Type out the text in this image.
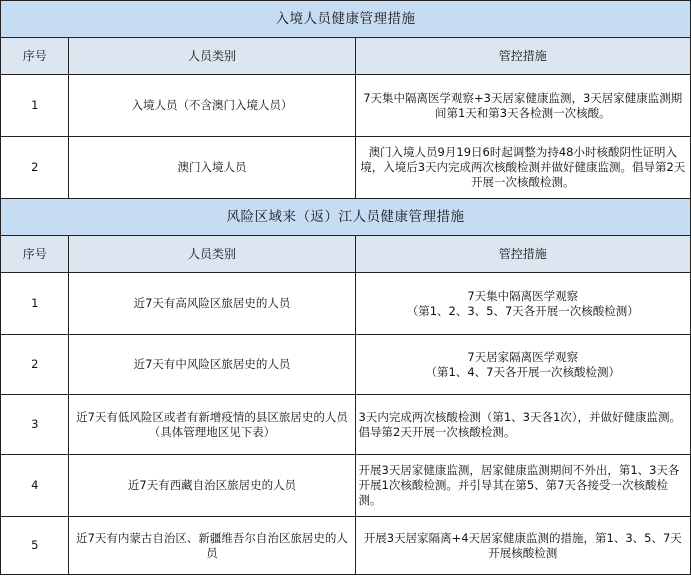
入境人员健康管理措施		
序号	人员类别	管控措施
1	入境人员（不含澳门入境人员）	7天集中隔离医学观察+3天居家健康监测，3天居家健康监测期间第1天和第3天各检测一次核酸。
2	澳门入境人员	澳门入境人员9月19日6时起调整为持48小时核酸阴性证明入境，入境后3天内完成两次核酸检测并做好健康监测。倡导第2天开展一次核酸检测。
风险区域来（返）江人员健康管理措施		
序号	人员类别	管控措施
1	近7天有高风险区旅居史的人员	7天集中隔离医学观察
（第1、2、3、5、7天各开展一次核酸检测）

2	近7天有中风险区旅居史的人员	7天居家隔离医学观察
（第1、4、7天各开展一次核酸检测）

3	近7天有低风险区或者有新增疫情的县区旅居史的人员（具体管理地区见下表）	3天内完成两次核酸检测（第1、3天各1次），并做好健康监测。倡导第2天开展一次核酸检测。
4	近7天有西藏自治区旅居史的人员	开展3天居家健康监测，居家健康监测期间不外出，第1、3天各开展1次核酸检测。并引导其在第5、第7天各接受一次核酸检测。
5	近7天有内蒙古自治区、新疆维吾尔自治区旅居史的人员	开展3天居家隔离+4天居家健康监测的措施，第1、3、5、7天开展核酸检测
